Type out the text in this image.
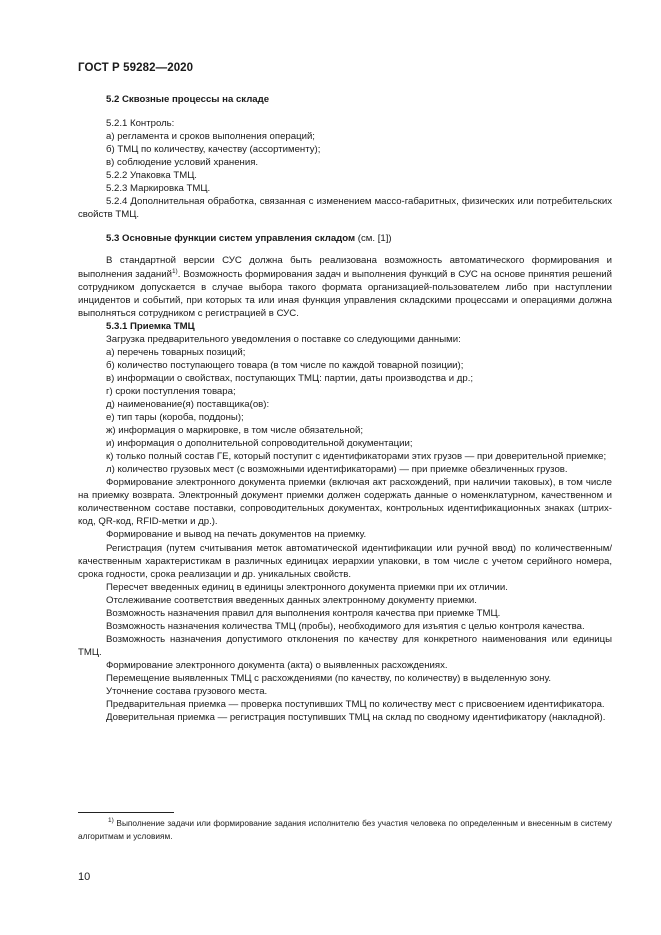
ГОСТ Р 59282—2020

5.2 Сквозные процессы на складе

5.2.1 Контроль:

а) регламента и сроков выполнения операций;

б) ТМЦ по количеству, качеству (ассортименту);

в) соблюдение условий хранения.

5.2.2 Упаковка ТМЦ.

5.2.3 Маркировка ТМЦ.

5.2.4 Дополнительная обработка, связанная с изменением массо-габаритных, физических или потребительских свойств ТМЦ.

5.3 Основные функции систем управления складом (см. [1])

В стандартной версии СУС должна быть реализована возможность автоматического формирования и выполнения заданий$^{1)}$. Возможность формирования задач и выполнения функций в СУС на основе принятия решений сотрудником допускается в случае выбора такого формата организацией-пользователем либо при наступлении инцидентов и событий, при которых та или иная функция управления складскими процессами и операциями должна выполняться сотрудником с регистрацией в СУС.

5.3.1 Приемка ТМЦ

Загрузка предварительного уведомления о поставке со следующими данными:

а) перечень товарных позиций;

б) количество поступающего товара (в том числе по каждой товарной позиции);

в) информации о свойствах, поступающих ТМЦ: партии, даты производства и др.;

г) сроки поступления товара;

д) наименование(я) поставщика(ов):

е) тип тары (короба, поддоны);

ж) информация о маркировке, в том числе обязательной;

и) информация о дополнительной сопроводительной документации;

к) только полный состав ГЕ, который поступит с идентификаторами этих грузов — при доверительной приемке;

л) количество грузовых мест (с возможными идентификаторами) — при приемке обезличенных грузов.

Формирование электронного документа приемки (включая акт расхождений, при наличии таковых), в том числе на приемку возврата. Электронный документ приемки должен содержать данные о номенклатурном, качественном и количественном составе поставки, сопроводительных документах, контрольных идентификационных знаках (штрих-код, QR-код, RFID-метки и др.).

Формирование и вывод на печать документов на приемку.

Регистрация (путем считывания меток автоматической идентификации или ручной ввод) по количественным/качественным характеристикам в различных единицах иерархии упаковки, в том числе с учетом серийного номера, срока годности, срока реализации и др. уникальных свойств.

Пересчет введенных единиц в единицы электронного документа приемки при их отличии.

Отслеживание соответствия введенных данных электронному документу приемки.

Возможность назначения правил для выполнения контроля качества при приемке ТМЦ.

Возможность назначения количества ТМЦ (пробы), необходимого для изъятия с целью контроля качества.

Возможность назначения допустимого отклонения по качеству для конкретного наименования или единицы ТМЦ.

Формирование электронного документа (акта) о выявленных расхождениях.

Перемещение выявленных ТМЦ с расхождениями (по качеству, по количеству) в выделенную зону.

Уточнение состава грузового места.

Предварительная приемка — проверка поступивших ТМЦ по количеству мест с присвоением идентификатора.

Доверительная приемка — регистрация поступивших ТМЦ на склад по сводному идентификатору (накладной).

$^{1)}$ Выполнение задачи или формирование задания исполнителю без участия человека по определенным и внесенным в систему алгоритмам и условиям.

10
